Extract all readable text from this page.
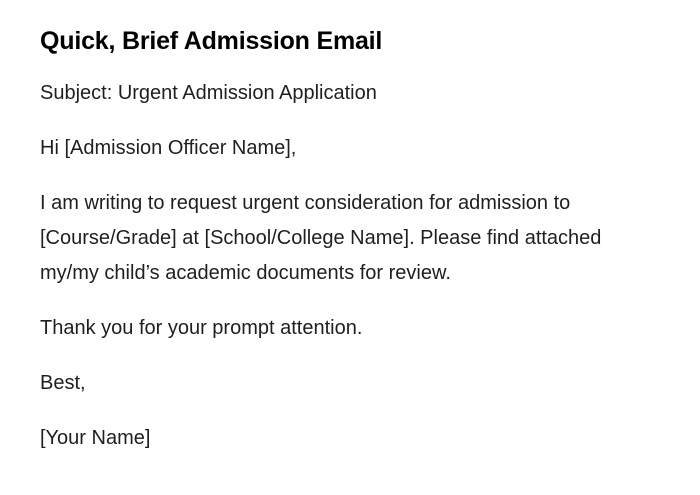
Quick, Brief Admission Email

Subject: Urgent Admission Application

Hi [Admission Officer Name],

I am writing to request urgent consideration for admission to [Course/Grade] at [School/College Name]. Please find attached my/my child’s academic documents for review.

Thank you for your prompt attention.

Best,

[Your Name]
